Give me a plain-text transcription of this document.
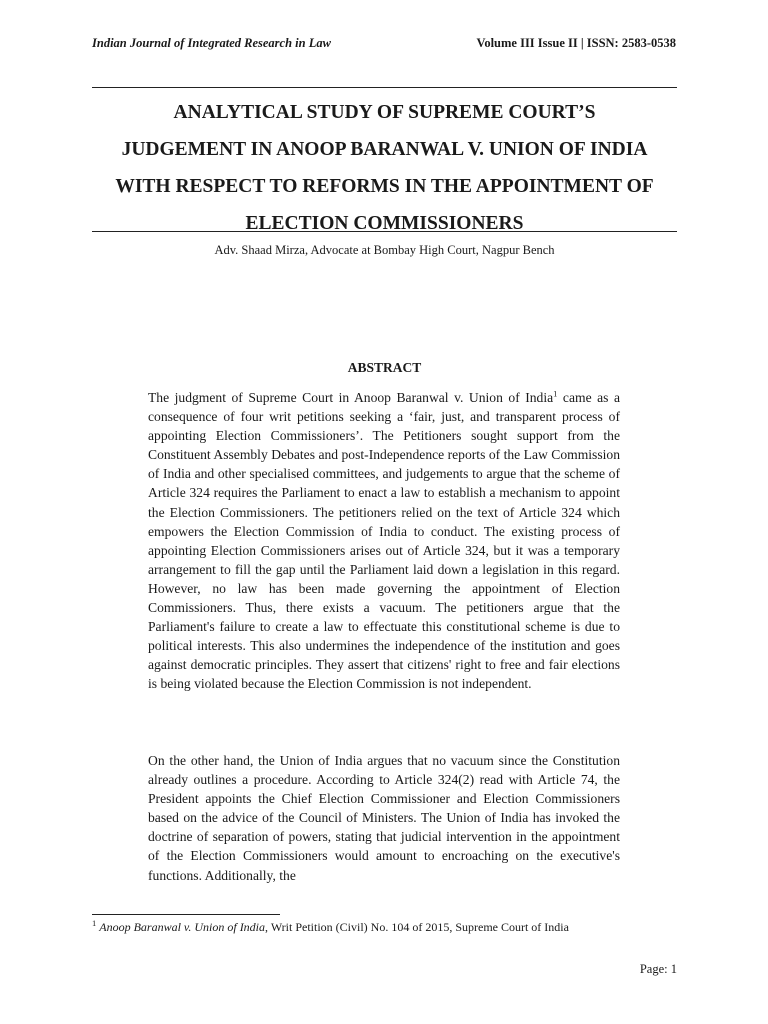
Indian Journal of Integrated Research in Law	Volume III Issue II | ISSN: 2583-0538
ANALYTICAL STUDY OF SUPREME COURT’S
JUDGEMENT IN ANOOP BARANWAL V. UNION OF INDIA
WITH RESPECT TO REFORMS IN THE APPOINTMENT OF
ELECTION COMMISSIONERS
Adv. Shaad Mirza, Advocate at Bombay High Court, Nagpur Bench
ABSTRACT

The judgment of Supreme Court in Anoop Baranwal v. Union of India$^1$ came as a consequence of four writ petitions seeking a ‘fair, just, and transparent process of appointing Election Commissioners’. The Petitioners sought support from the Constituent Assembly Debates and post-Independence reports of the Law Commission of India and other specialised committees, and judgements to argue that the scheme of Article 324 requires the Parliament to enact a law to establish a mechanism to appoint the Election Commissioners. The petitioners relied on the text of Article 324 which empowers the Election Commission of India to conduct. The existing process of appointing Election Commissioners arises out of Article 324, but it was a temporary arrangement to fill the gap until the Parliament laid down a legislation in this regard. However, no law has been made governing the appointment of Election Commissioners. Thus, there exists a vacuum. The petitioners argue that the Parliament's failure to create a law to effectuate this constitutional scheme is due to political interests. This also undermines the independence of the institution and goes against democratic principles. They assert that citizens' right to free and fair elections is being violated because the Election Commission is not independent.

On the other hand, the Union of India argues that no vacuum since the Constitution already outlines a procedure. According to Article 324(2) read with Article 74, the President appoints the Chief Election Commissioner and Election Commissioners based on the advice of the Council of Ministers. The Union of India has invoked the doctrine of separation of powers, stating that judicial intervention in the appointment of the Election Commissioners would amount to encroaching on the executive's functions. Additionally, the

$^1$ Anoop Baranwal v. Union of India, Writ Petition (Civil) No. 104 of 2015, Supreme Court of India
Page: 1
